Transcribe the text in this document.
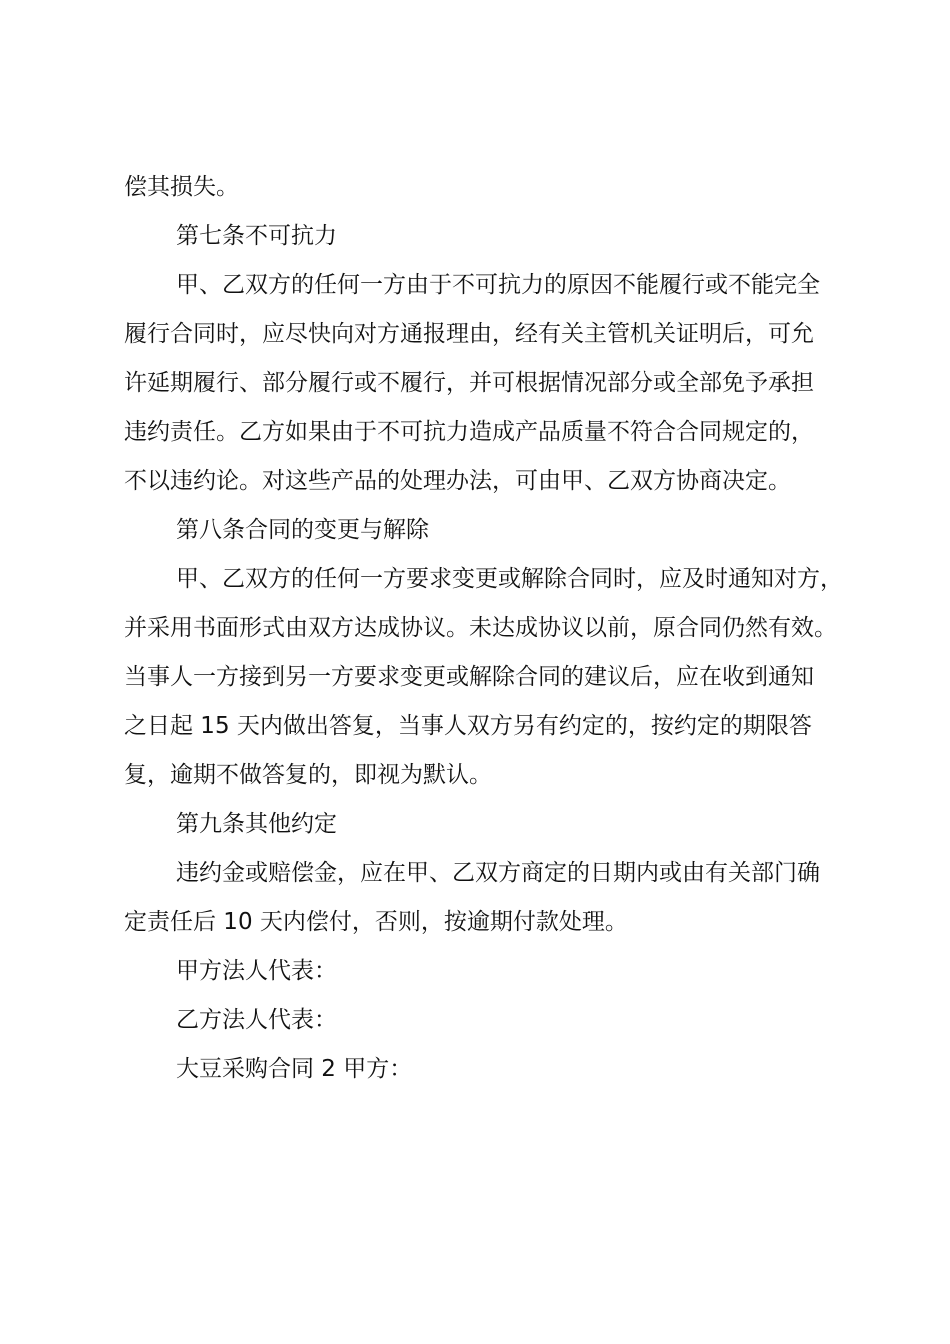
偿其损失。

第七条不可抗力

甲、乙双方的任何一方由于不可抗力的原因不能履行或不能完全

履行合同时，应尽快向对方通报理由，经有关主管机关证明后，可允

许延期履行、部分履行或不履行，并可根据情况部分或全部免予承担

违约责任。乙方如果由于不可抗力造成产品质量不符合合同规定的，

不以违约论。对这些产品的处理办法，可由甲、乙双方协商决定。

第八条合同的变更与解除

甲、乙双方的任何一方要求变更或解除合同时，应及时通知对方，

并采用书面形式由双方达成协议。未达成协议以前，原合同仍然有效。

当事人一方接到另一方要求变更或解除合同的建议后，应在收到通知

之日起 15 天内做出答复，当事人双方另有约定的，按约定的期限答

复，逾期不做答复的，即视为默认。

第九条其他约定

违约金或赔偿金，应在甲、乙双方商定的日期内或由有关部门确

定责任后 10 天内偿付，否则，按逾期付款处理。

甲方法人代表：

乙方法人代表：

大豆采购合同 2 甲方：
